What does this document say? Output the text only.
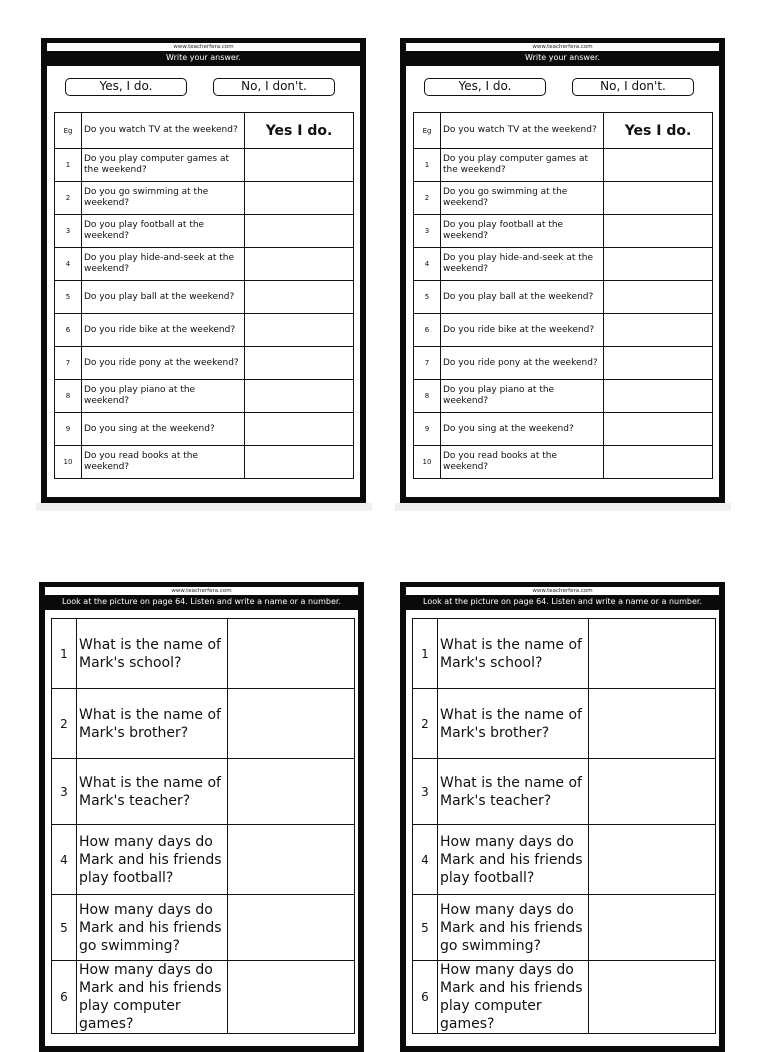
www.teacherfera.com
Write your answer.
Yes, I do.	No, I don't.
Eg	Do you watch TV at the weekend?	Yes I do.
1	Do you play computer games at the weekend?	
2	Do you go swimming at the weekend?	
3	Do you play football at the weekend?	
4	Do you play hide-and-seek at the weekend?	
5	Do you play ball at the weekend?	
6	Do you ride bike at the weekend?	
7	Do you ride pony at the weekend?	
8	Do you play piano at the weekend?	
9	Do you sing at the weekend?	
10	Do you read books at the weekend?	
www.teacherfera.com
Write your answer.
Yes, I do.	No, I don't.
Eg	Do you watch TV at the weekend?	Yes I do.
1	Do you play computer games at the weekend?	
2	Do you go swimming at the weekend?	
3	Do you play football at the weekend?	
4	Do you play hide-and-seek at the weekend?	
5	Do you play ball at the weekend?	
6	Do you ride bike at the weekend?	
7	Do you ride pony at the weekend?	
8	Do you play piano at the weekend?	
9	Do you sing at the weekend?	
10	Do you read books at the weekend?	
www.teacherfera.com
Look at the picture on page 64. Listen and write a name or a number.
1	What is the name of Mark's school?	
2	What is the name of Mark's brother?	
3	What is the name of Mark's teacher?	
4	How many days do Mark and his friends play football?	
5	How many days do Mark and his friends go swimming?	
6	How many days do Mark and his friends play computer games?	
www.teacherfera.com
Look at the picture on page 64. Listen and write a name or a number.
1	What is the name of Mark's school?	
2	What is the name of Mark's brother?	
3	What is the name of Mark's teacher?	
4	How many days do Mark and his friends play football?	
5	How many days do Mark and his friends go swimming?	
6	How many days do Mark and his friends play computer games?	
